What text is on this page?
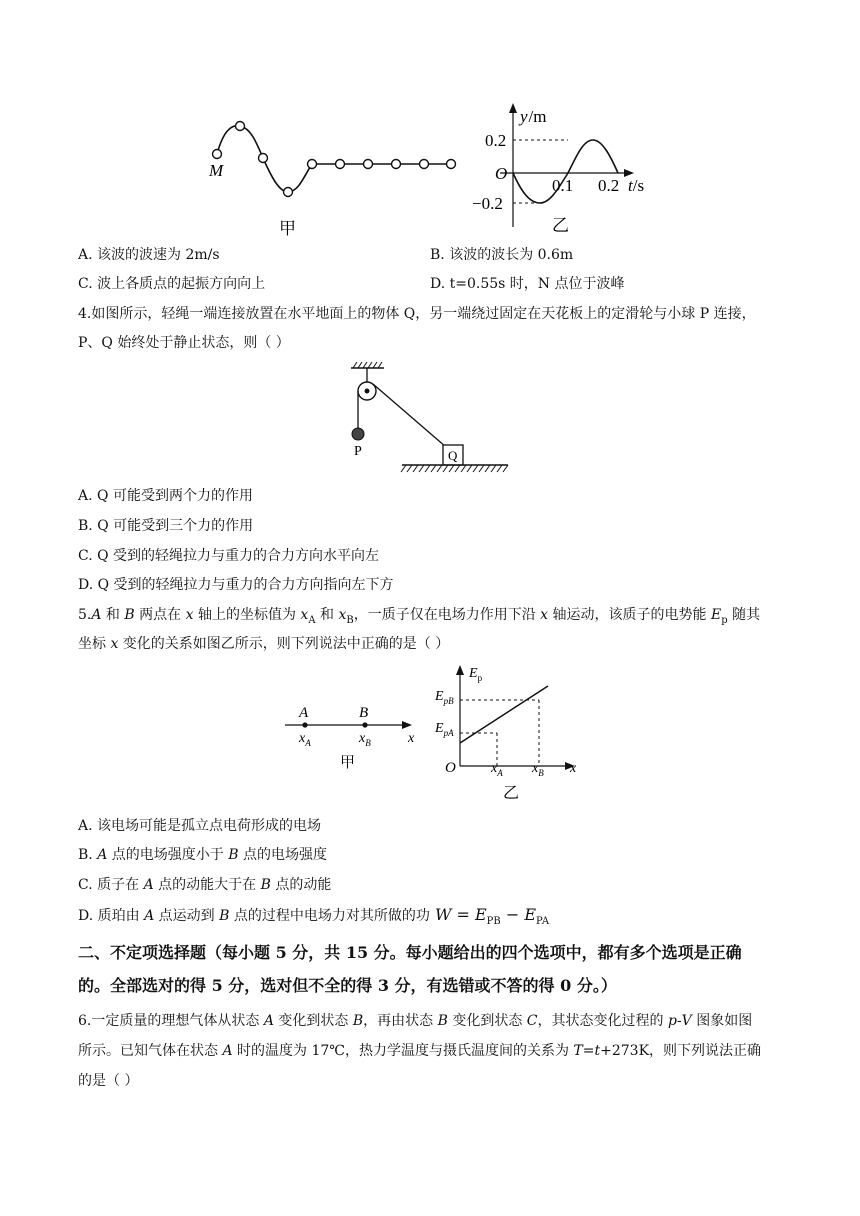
M
甲
y/m
0.2
O
−0.2
0.1 0.2 t/s
乙
A. 该波的波速为 2m/s	B. 该波的波长为 0.6m
C. 波上各质点的起振方向向上	D. t=0.55s 时，N 点位于波峰
4.如图所示，轻绳一端连接放置在水平地面上的物体 Q，另一端绕过固定在天花板上的定滑轮与小球 P 连接，
P、Q 始终处于静止状态，则（ ）
P	Q
A. Q 可能受到两个力的作用
B. Q 可能受到三个力的作用
C. Q 受到的轻绳拉力与重力的合力方向水平向左
D. Q 受到的轻绳拉力与重力的合力方向指向左下方
5.A 和 B 两点在 x 轴上的坐标值为 $x_A$ 和 $x_B$，一质子仅在电场力作用下沿 x 轴运动，该质子的电势能 $E_p$ 随其
坐标 x 变化的关系如图乙所示，则下列说法中正确的是（ ）
A	B
$x_A$	$x_B$	x
甲
$E_p$
$E_{pB}$
$E_{pA}$
O	$x_A$ $x_B$ x
乙
A. 该电场可能是孤立点电荷形成的电场
B. A 点的电场强度小于 B 点的电场强度
C. 质子在 A 点的动能大于在 B 点的动能
D. 质珀由 A 点运动到 B 点的过程中电场力对其所做的功 $W = E_{PB} - E_{PA}$
二、不定项选择题（每小题 5 分，共 15 分。每小题给出的四个选项中，都有多个选项是正确
的。全部选对的得 5 分，选对但不全的得 3 分，有选错或不答的得 0 分。）
6.一定质量的理想气体从状态 A 变化到状态 B，再由状态 B 变化到状态 C，其状态变化过程的 p-V 图象如图
所示。已知气体在状态 A 时的温度为 17℃，热力学温度与摄氏温度间的关系为 T=t+273K，则下列说法正确
的是（ ）
